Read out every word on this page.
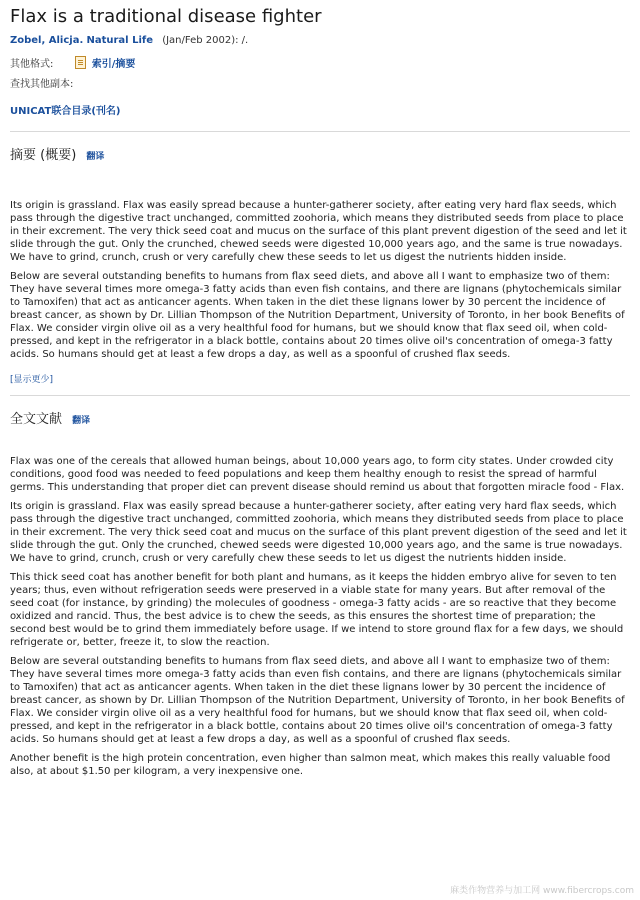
Flax is a traditional disease fighter
Zobel, Alicja. Natural Life (Jan/Feb 2002): /.
其他格式:	索引/摘要
查找其他副本:
UNICAT联合目录(刊名)
摘要 (概要) 翻译

Its origin is grassland. Flax was easily spread because a hunter-gatherer society, after eating very hard flax seeds, which pass through the digestive tract unchanged, committed zoohoria, which means they distributed seeds from place to place in their excrement. The very thick seed coat and mucus on the surface of this plant prevent digestion of the seed and let it slide through the gut. Only the crunched, chewed seeds were digested 10,000 years ago, and the same is true nowadays. We have to grind, crunch, crush or very carefully chew these seeds to let us digest the nutrients hidden inside.

Below are several outstanding benefits to humans from flax seed diets, and above all I want to emphasize two of them: They have several times more omega-3 fatty acids than even fish contains, and there are lignans (phytochemicals similar to Tamoxifen) that act as anticancer agents. When taken in the diet these lignans lower by 30 percent the incidence of breast cancer, as shown by Dr. Lillian Thompson of the Nutrition Department, University of Toronto, in her book Benefits of Flax. We consider virgin olive oil as a very healthful food for humans, but we should know that flax seed oil, when cold-pressed, and kept in the refrigerator in a black bottle, contains about 20 times olive oil's concentration of omega-3 fatty acids. So humans should get at least a few drops a day, as well as a spoonful of crushed flax seeds.

[显示更少]
全文文献 翻译

Flax was one of the cereals that allowed human beings, about 10,000 years ago, to form city states. Under crowded city conditions, good food was needed to feed populations and keep them healthy enough to resist the spread of harmful germs. This understanding that proper diet can prevent disease should remind us about that forgotten miracle food - Flax.

Its origin is grassland. Flax was easily spread because a hunter-gatherer society, after eating very hard flax seeds, which pass through the digestive tract unchanged, committed zoohoria, which means they distributed seeds from place to place in their excrement. The very thick seed coat and mucus on the surface of this plant prevent digestion of the seed and let it slide through the gut. Only the crunched, chewed seeds were digested 10,000 years ago, and the same is true nowadays. We have to grind, crunch, crush or very carefully chew these seeds to let us digest the nutrients hidden inside.

This thick seed coat has another benefit for both plant and humans, as it keeps the hidden embryo alive for seven to ten years; thus, even without refrigeration seeds were preserved in a viable state for many years. But after removal of the seed coat (for instance, by grinding) the molecules of goodness - omega-3 fatty acids - are so reactive that they become oxidized and rancid. Thus, the best advice is to chew the seeds, as this ensures the shortest time of preparation; the second best would be to grind them immediately before usage. If we intend to store ground flax for a few days, we should refrigerate or, better, freeze it, to slow the reaction.

Below are several outstanding benefits to humans from flax seed diets, and above all I want to emphasize two of them: They have several times more omega-3 fatty acids than even fish contains, and there are lignans (phytochemicals similar to Tamoxifen) that act as anticancer agents. When taken in the diet these lignans lower by 30 percent the incidence of breast cancer, as shown by Dr. Lillian Thompson of the Nutrition Department, University of Toronto, in her book Benefits of Flax. We consider virgin olive oil as a very healthful food for humans, but we should know that flax seed oil, when cold-pressed, and kept in the refrigerator in a black bottle, contains about 20 times olive oil's concentration of omega-3 fatty acids. So humans should get at least a few drops a day, as well as a spoonful of crushed flax seeds.

Another benefit is the high protein concentration, even higher than salmon meat, which makes this really valuable food also, at about $1.50 per kilogram, a very inexpensive one.

麻类作物营养与加工网 www.fibercrops.com
